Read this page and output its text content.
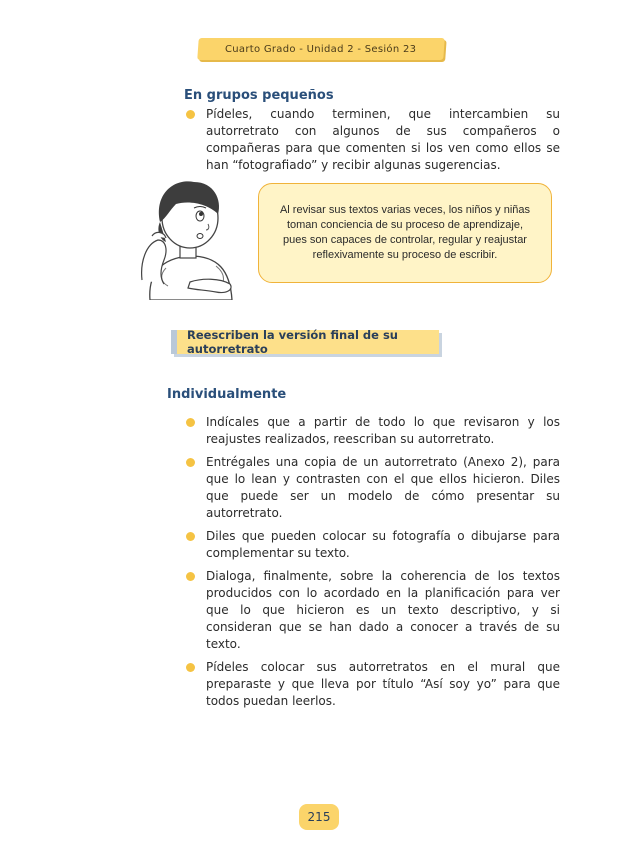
Cuarto Grado - Unidad 2 - Sesión 23
En grupos pequeños
Pídeles, cuando terminen, que intercambien su autorretrato con algunos de sus compañeros o compañeras para que comenten si los ven como ellos se han “fotografiado” y recibir algunas sugerencias.

Al revisar sus textos varias veces, los niños y niñas toman conciencia de su proceso de aprendizaje, pues son capaces de controlar, regular y reajustar reflexivamente su proceso de escribir.

Reescriben la versión final de su autorretrato
Individualmente
Indícales que a partir de todo lo que revisaron y los reajustes realizados, reescriban su autorretrato.
Entrégales una copia de un autorretrato (Anexo 2), para que lo lean y contrasten con el que ellos hicieron. Diles que puede ser un modelo de cómo presentar su autorretrato.
Diles que pueden colocar su fotografía o dibujarse para complementar su texto.
Dialoga, finalmente, sobre la coherencia de los textos producidos con lo acordado en la planificación para ver que lo que hicieron es un texto descriptivo, y si consideran que se han dado a conocer a través de su texto.
Pídeles colocar sus autorretratos en el mural que preparaste y que lleva por título “Así soy yo” para que todos puedan leerlos.
215
